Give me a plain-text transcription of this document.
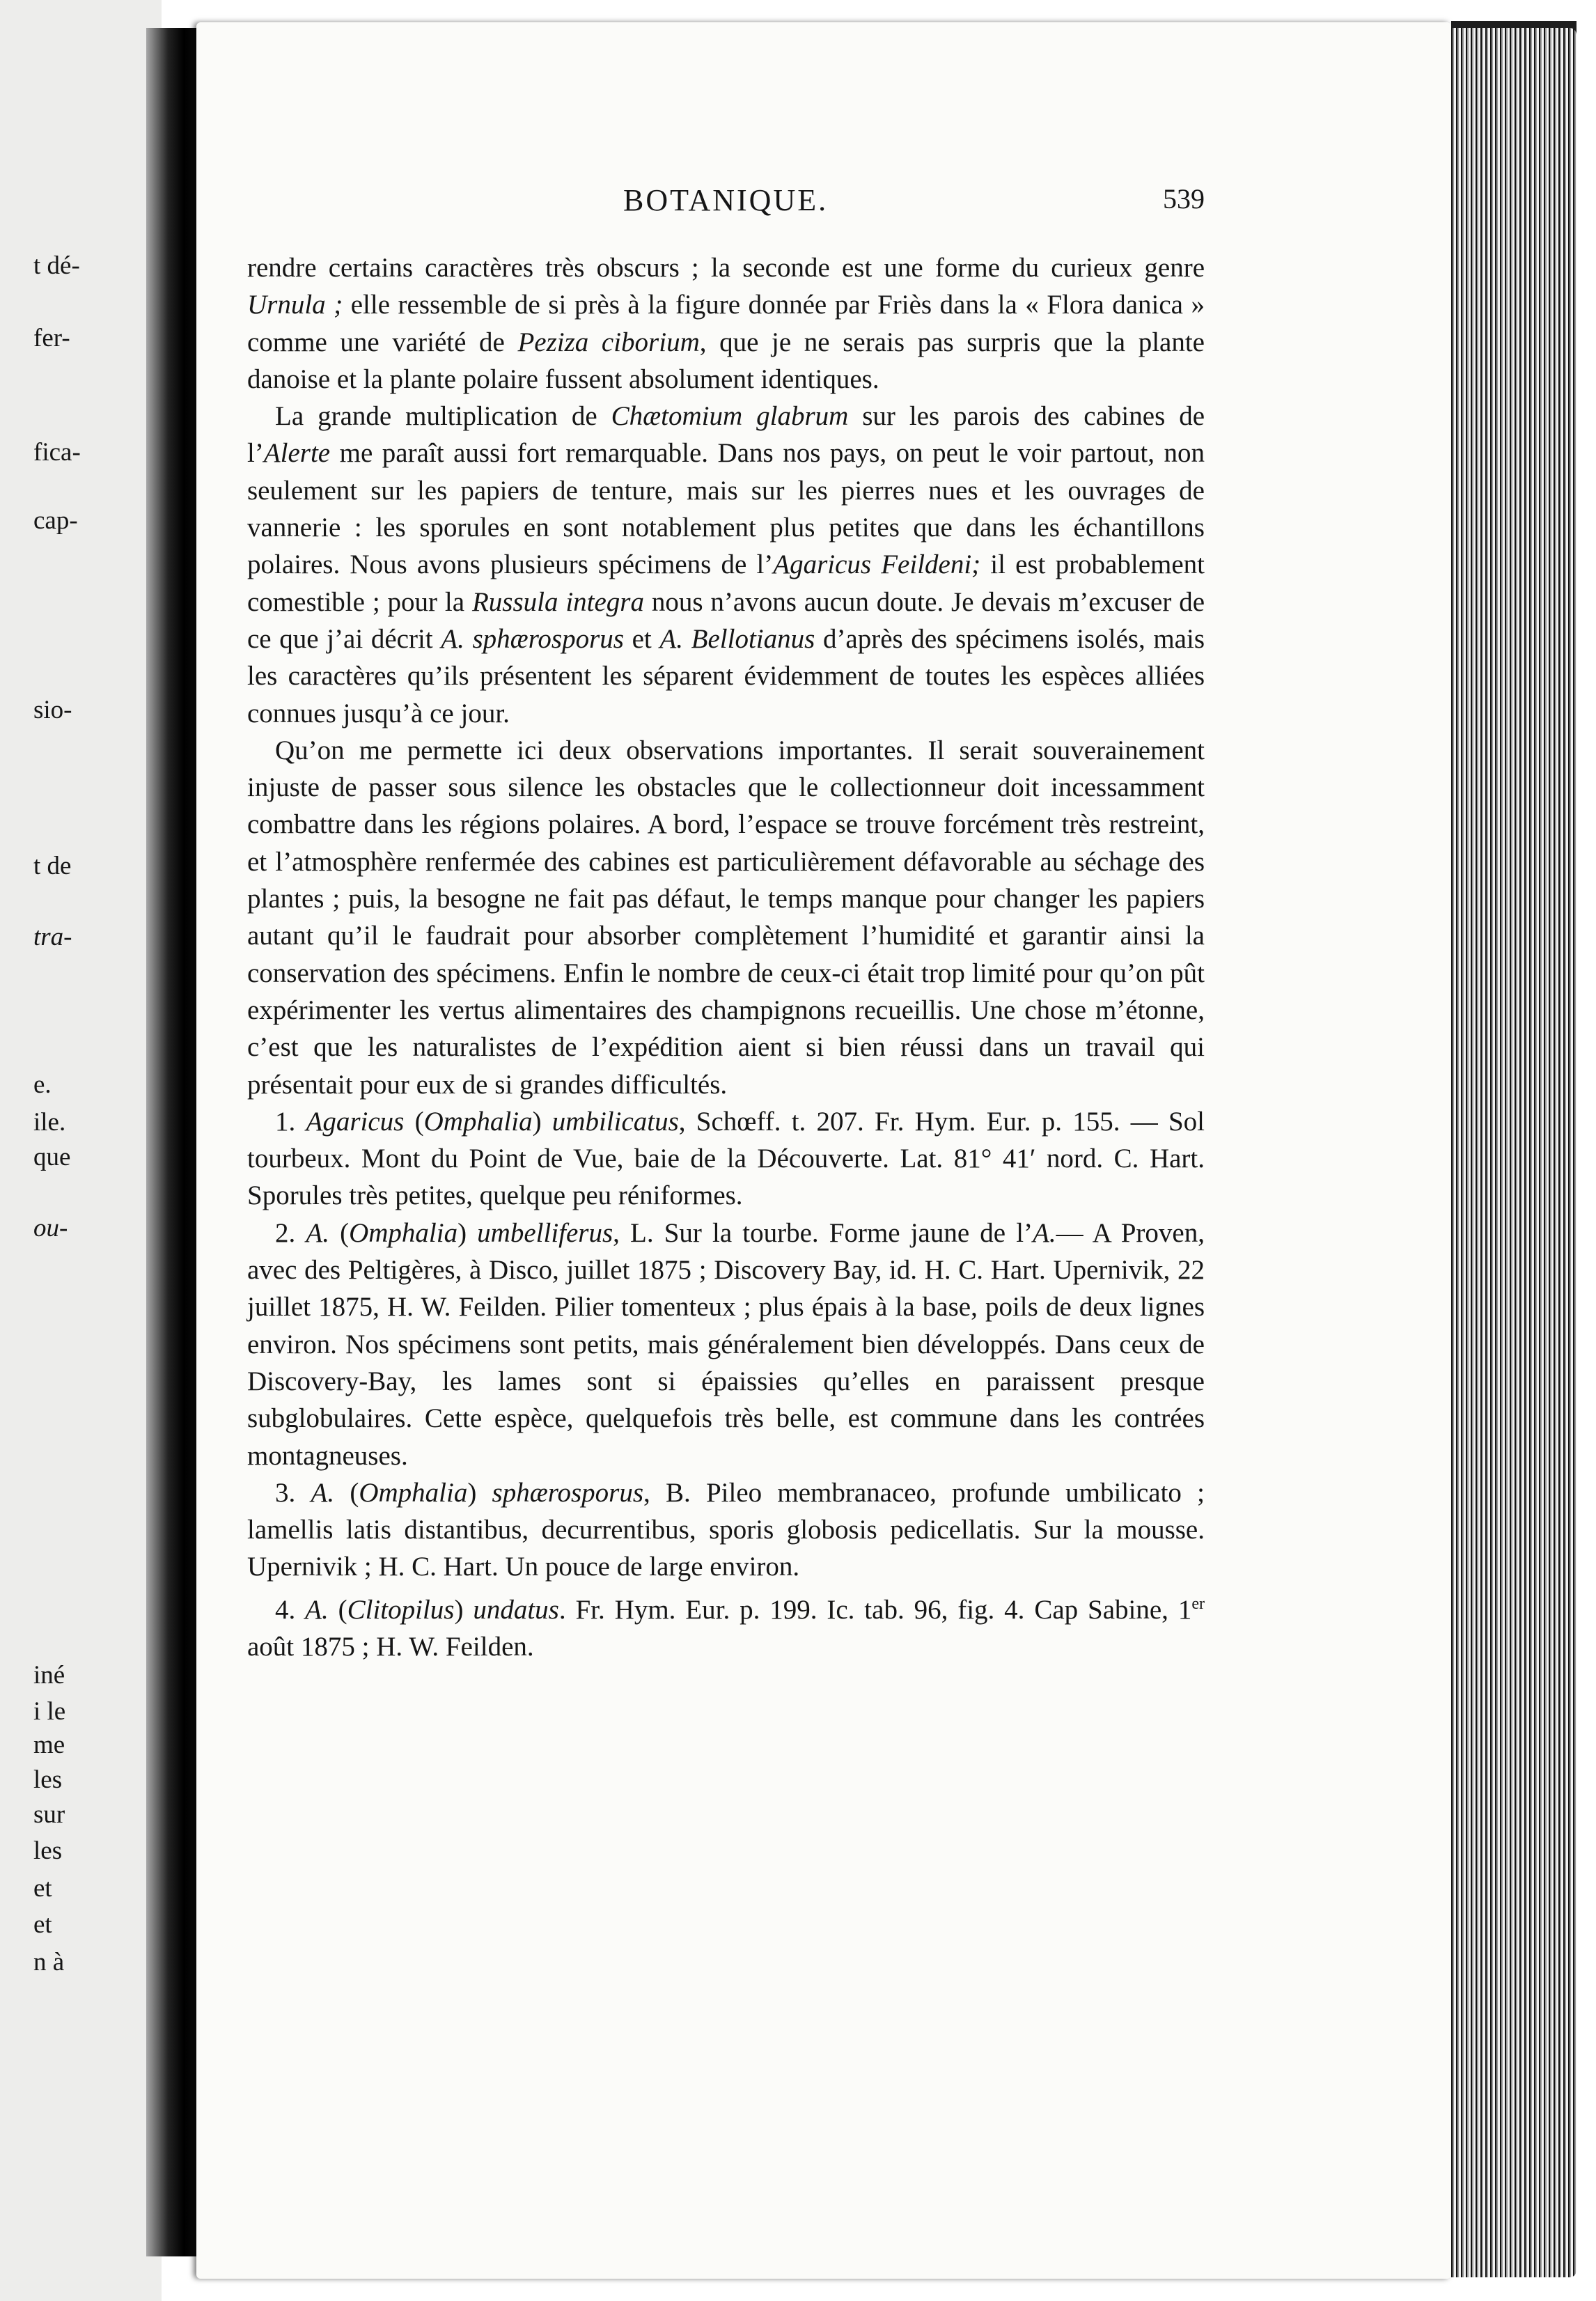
t dé-
fer-
fica-
cap-
sio-
t de
tra-
e.
ile.
que
ou-
iné
i le
me
les
sur
les
et
et
n à
BOTANIQUE.	539

rendre certains caractères très obscurs ; la seconde est une forme du curieux genre Urnula ; elle ressemble de si près à la figure donnée par Friès dans la « Flora danica » comme une variété de Peziza ciborium, que je ne serais pas surpris que la plante danoise et la plante polaire fussent absolument identiques.

La grande multiplication de Chætomium glabrum sur les parois des cabines de l’Alerte me paraît aussi fort remarquable. Dans nos pays, on peut le voir partout, non seulement sur les papiers de tenture, mais sur les pierres nues et les ouvrages de vannerie : les sporules en sont notablement plus petites que dans les échantillons polaires. Nous avons plusieurs spécimens de l’Agaricus Feildeni; il est probablement comestible ; pour la Russula integra nous n’avons aucun doute. Je devais m’excuser de ce que j’ai décrit A. sphærosporus et A. Bellotianus d’après des spécimens isolés, mais les caractères qu’ils présentent les séparent évidemment de toutes les espèces alliées connues jusqu’à ce jour.

Qu’on me permette ici deux observations importantes. Il serait souverainement injuste de passer sous silence les obstacles que le collectionneur doit incessamment combattre dans les régions polaires. A bord, l’espace se trouve forcément très restreint, et l’atmosphère renfermée des cabines est particulièrement défavorable au séchage des plantes ; puis, la besogne ne fait pas défaut, le temps manque pour changer les papiers autant qu’il le faudrait pour absorber complètement l’humidité et garantir ainsi la conservation des spécimens. Enfin le nombre de ceux-ci était trop limité pour qu’on pût expérimenter les vertus alimentaires des champignons recueillis. Une chose m’étonne, c’est que les naturalistes de l’expédition aient si bien réussi dans un travail qui présentait pour eux de si grandes difficultés.

1. Agaricus (Omphalia) umbilicatus, Schœff. t. 207. Fr. Hym. Eur. p. 155. — Sol tourbeux. Mont du Point de Vue, baie de la Découverte. Lat. 81° 41′ nord. C. Hart. Sporules très petites, quelque peu réniformes.

2. A. (Omphalia) umbelliferus, L. Sur la tourbe. Forme jaune de l’A.— A Proven, avec des Peltigères, à Disco, juillet 1875 ; Discovery Bay, id. H. C. Hart. Upernivik, 22 juillet 1875, H. W. Feilden. Pilier tomenteux ; plus épais à la base, poils de deux lignes environ. Nos spécimens sont petits, mais généralement bien développés. Dans ceux de Discovery-Bay, les lames sont si épaissies qu’elles en paraissent presque subglobulaires. Cette espèce, quelquefois très belle, est commune dans les contrées montagneuses.

3. A. (Omphalia) sphærosporus, B. Pileo membranaceo, profunde umbilicato ; lamellis latis distantibus, decurrentibus, sporis globosis pedicellatis. Sur la mousse. Upernivik ; H. C. Hart. Un pouce de large environ.

4. A. (Clitopilus) undatus. Fr. Hym. Eur. p. 199. Ic. tab. 96, fig. 4. Cap Sabine, 1er août 1875 ; H. W. Feilden.
